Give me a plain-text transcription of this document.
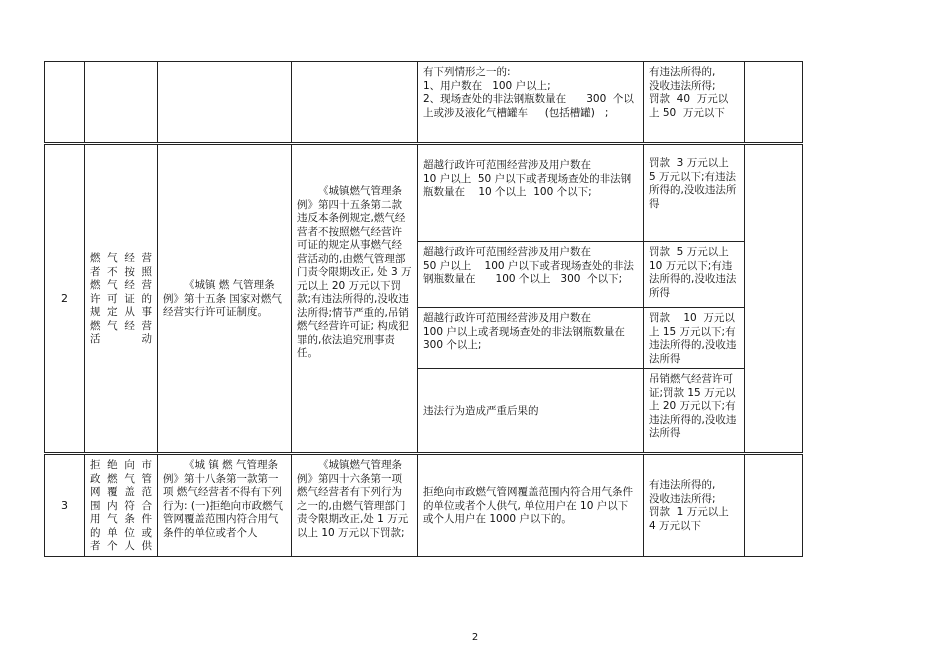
				有下列情形之一的:
1、用户数在   100 户以上;
2、现场查处的非法钢瓶数量在      300  个以上或涉及液化气槽罐车     (包括槽罐)   ;	有违法所得的,
没收违法所得;
罚款  40  万元以
上 50  万元以下	
2	燃 气 经 营 者 不 按 照 燃 气 经 营 许 可 证 的 规 定 从 事 燃 气 经 营 活动	《城镇 燃 气管理条例》第十五条 国家对燃气经营实行许可证制度。	《城镇燃气管理条例》第四十五条第二款 违反本条例规定,燃气经营者不按照燃气经营许可证的规定从事燃气经营活动的,由燃气管理部门责令限期改正, 处 3 万元以上 20 万元以下罚款;有违法所得的,没收违法所得;情节严重的,吊销燃气经营许可证; 构成犯罪的,依法追究刑事责任。	超越行政许可范围经营涉及用户数在
10 户以上  50 户以下或者现场查处的非法钢瓶数量在    10 个以上  100 个以下;	罚款  3 万元以上
5 万元以下;有违法所得的,没收违法所得	
				超越行政许可范围经营涉及用户数在
50 户以上    100 户以下或者现场查处的非法钢瓶数量在      100 个以上   300  个以下;	罚款  5 万元以上
10 万元以下;有违法所得的,没收违法所得	
				超越行政许可范围经营涉及用户数在
100 户以上或者现场查处的非法钢瓶数量在 300 个以上;	罚款    10  万元以上 15 万元以下;有违法所得的,没收违法所得	
				违法行为造成严重后果的	吊销燃气经营许可证;罚款 15 万元以上 20 万元以下;有违法所得的,没收违法所得	
3	拒 绝 向 市 政 燃 气 管 网 覆 盖 范 围 内 符 合 用 气 条 件 的 单 位 或 者 个 人 供	《城 镇 燃 气管理条例》第十八条第一款第一项 燃气经营者不得有下列行为: (一)拒绝向市政燃气管网覆盖范围内符合用气条件的单位或者个人	《城镇燃气管理条例》第四十六条第一项 燃气经营者有下列行为之一的,由燃气管理部门责令限期改正,处 1 万元以上 10 万元以下罚款;	拒绝向市政燃气管网覆盖范围内符合用气条件的单位或者个人供气, 单位用户在 10 户以下或个人用户在 1000 户以下的。	有违法所得的,
没收违法所得;
罚款  1 万元以上
4 万元以下	
2
